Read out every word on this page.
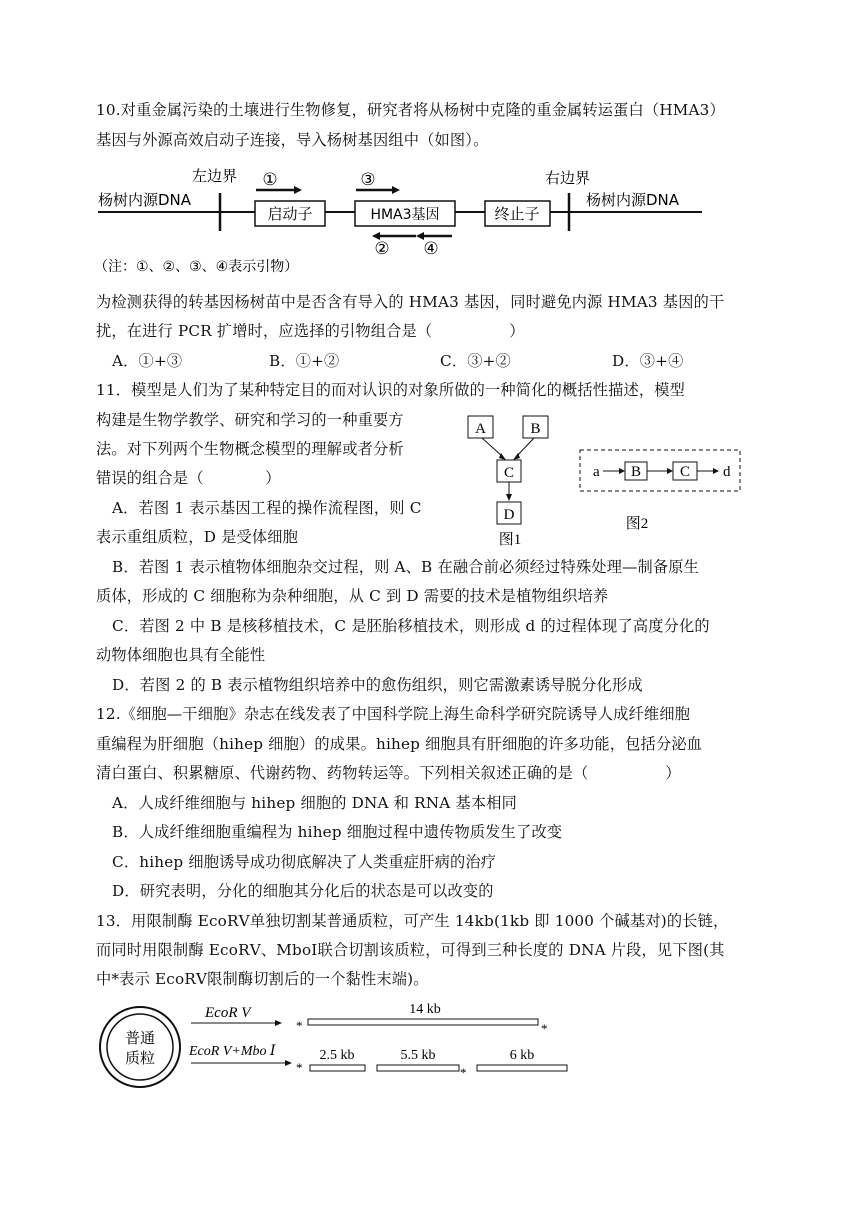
10.对重金属污染的土壤进行生物修复，研究者将从杨树中克隆的重金属转运蛋白（HMA3）
基因与外源高效启动子连接，导入杨树基因组中（如图）。
左边界	右边界
杨树内源DNA	杨树内源DNA
启动子	HMA3基因	终止子
①	③
② ④
（注：①、②、③、④表示引物）
为检测获得的转基因杨树苗中是否含有导入的 HMA3 基因，同时避免内源 HMA3 基因的干
扰，在进行 PCR 扩增时，应选择的引物组合是（　　　　　）
A．①+③	B．①+②	C．③+②	D．③+④
11．模型是人们为了某种特定目的而对认识的对象所做的一种简化的概括性描述，模型
构建是生物学教学、研究和学习的一种重要方
法。对下列两个生物概念模型的理解或者分析
错误的组合是（　　　　）
A．若图 1 表示基因工程的操作流程图，则 C
表示重组质粒，D 是受体细胞
A	B
C
D
图1
a B	C d
图2
B．若图 1 表示植物体细胞杂交过程，则 A、B 在融合前必须经过特殊处理—制备原生
质体，形成的 C 细胞称为杂种细胞，从 C 到 D 需要的技术是植物组织培养
C．若图 2 中 B 是核移植技术，C 是胚胎移植技术，则形成 d 的过程体现了高度分化的
动物体细胞也具有全能性
D．若图 2 的 B 表示植物组织培养中的愈伤组织，则它需激素诱导脱分化形成
12.《细胞—干细胞》杂志在线发表了中国科学院上海生命科学研究院诱导人成纤维细胞
重编程为肝细胞（hihep 细胞）的成果。hihep 细胞具有肝细胞的许多功能，包括分泌血
清白蛋白、积累糖原、代谢药物、药物转运等。下列相关叙述正确的是（　　　　　）
A．人成纤维细胞与 hihep 细胞的 DNA 和 RNA 基本相同
B．人成纤维细胞重编程为 hihep 细胞过程中遗传物质发生了改变
C．hihep 细胞诱导成功彻底解决了人类重症肝病的治疗
D．研究表明，分化的细胞其分化后的状态是可以改变的
13．用限制酶 EcoRⅤ单独切割某普通质粒，可产生 14kb(1kb 即 1000 个碱基对)的长链，
而同时用限制酶 EcoRⅤ、MboⅠ联合切割该质粒，可得到三种长度的 DNA 片段，见下图(其
中*表示 EcoRⅤ限制酶切割后的一个黏性末端)。
普通
质粒
EcoR V
EcoR V+Mbo Ⅰ
*
14 kb
*
*
2.5 kb	5.5 kb
*
6 kb
